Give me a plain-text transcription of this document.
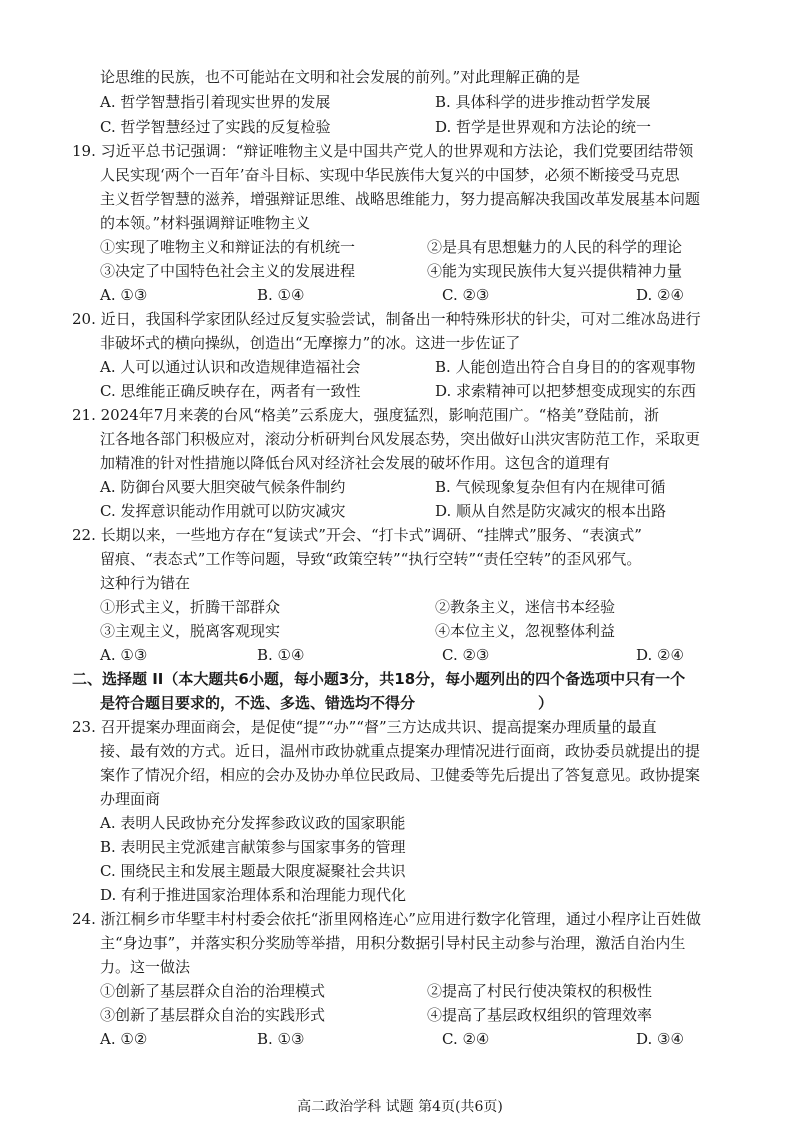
论思维的民族，也不可能站在文明和社会发展的前列。”对此理解正确的是
A. 哲学智慧指引着现实世界的发展	B. 具体科学的进步推动哲学发展
C. 哲学智慧经过了实践的反复检验	D. 哲学是世界观和方法论的统一
19. 习近平总书记强调：“辩证唯物主义是中国共产党人的世界观和方法论，我们党要团结带领
人民实现‘两个一百年’奋斗目标、实现中华民族伟大复兴的中国梦，必须不断接受马克思
主义哲学智慧的滋养，增强辩证思维、战略思维能力，努力提高解决我国改革发展基本问题
的本领。”材料强调辩证唯物主义
①实现了唯物主义和辩证法的有机统一	②是具有思想魅力的人民的科学的理论
③决定了中国特色社会主义的发展进程	④能为实现民族伟大复兴提供精神力量
A. ①③	B. ①④	C. ②③	D. ②④
20. 近日，我国科学家团队经过反复实验尝试，制备出一种特殊形状的针尖，可对二维冰岛进行
非破坏式的横向操纵，创造出“无摩擦力”的冰。这进一步佐证了
A. 人可以通过认识和改造规律造福社会	B. 人能创造出符合自身目的的客观事物
C. 思维能正确反映存在，两者有一致性	D. 求索精神可以把梦想变成现实的东西
21. 2024年7月来袭的台风“格美”云系庞大，强度猛烈，影响范围广。“格美”登陆前，浙
江各地各部门积极应对，滚动分析研判台风发展态势，突出做好山洪灾害防范工作，采取更
加精准的针对性措施以降低台风对经济社会发展的破坏作用。这包含的道理有
A. 防御台风要大胆突破气候条件制约	B. 气候现象复杂但有内在规律可循
C. 发挥意识能动作用就可以防灾减灾	D. 顺从自然是防灾减灾的根本出路
22. 长期以来，一些地方存在“复读式”开会、“打卡式”调研、“挂牌式”服务、“表演式”
留痕、“表态式”工作等问题，导致“政策空转”“执行空转”“责任空转”的歪风邪气。
这种行为错在
①形式主义，折腾干部群众	②教条主义，迷信书本经验
③主观主义，脱离客观现实	④本位主义，忽视整体利益
A. ①③	B. ①④	C. ②③	D. ②④
二、选择题 II（本大题共6小题，每小题3分，共18分，每小题列出的四个备选项中只有一个
是符合题目要求的，不选、多选、错选均不得分	）
23. 召开提案办理面商会，是促使“提”“办”“督”三方达成共识、提高提案办理质量的最直
接、最有效的方式。近日，温州市政协就重点提案办理情况进行面商，政协委员就提出的提
案作了情况介绍，相应的会办及协办单位民政局、卫健委等先后提出了答复意见。政协提案
办理面商
A. 表明人民政协充分发挥参政议政的国家职能
B. 表明民主党派建言献策参与国家事务的管理
C. 围绕民主和发展主题最大限度凝聚社会共识
D. 有利于推进国家治理体系和治理能力现代化
24. 浙江桐乡市华墅丰村村委会依托“浙里网格连心”应用进行数字化管理，通过小程序让百姓做
主“身边事”，并落实积分奖励等举措，用积分数据引导村民主动参与治理，激活自治内生
力。这一做法
①创新了基层群众自治的治理模式	②提高了村民行使决策权的积极性
③创新了基层群众自治的实践形式	④提高了基层政权组织的管理效率
A. ①②	B. ①③	C. ②④	D. ③④
高二政治学科 试题 第4页(共6页)
